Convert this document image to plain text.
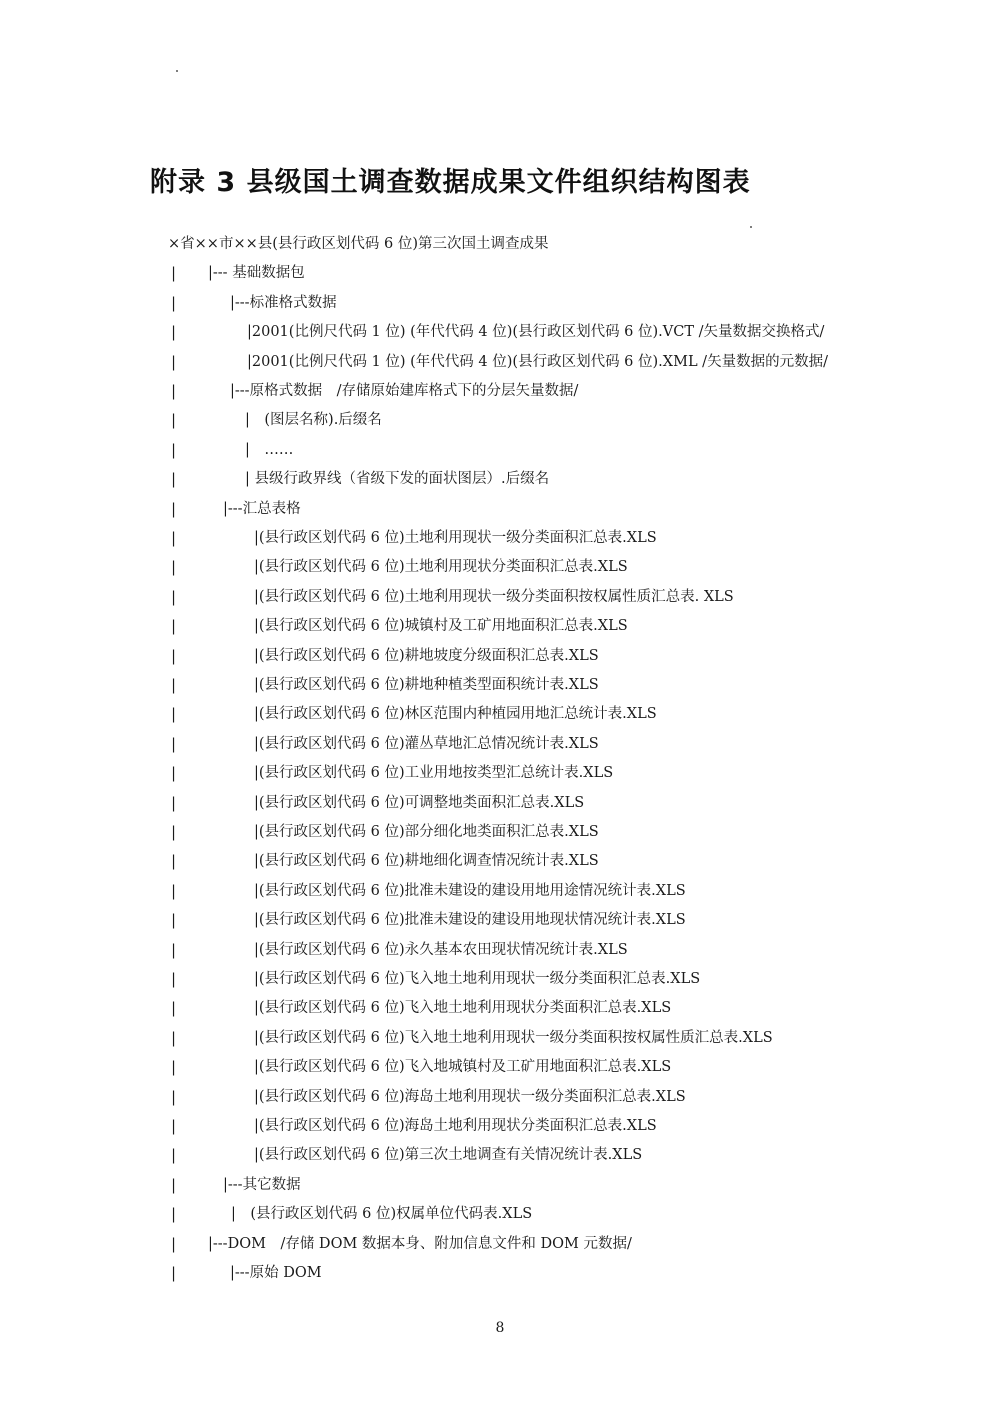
附录 3 县级国土调查数据成果文件组织结构图表
×省××市××县(县行政区划代码 6 位)第三次国土调查成果
| |--- 基础数据包
|	|---标准格式数据
|	|2001(比例尺代码 1 位) (年代代码 4 位)(县行政区划代码 6 位).VCT /矢量数据交换格式/
|	|2001(比例尺代码 1 位) (年代代码 4 位)(县行政区划代码 6 位).XML /矢量数据的元数据/
|	|---原格式数据　/存储原始建库格式下的分层矢量数据/
|	|　(图层名称).后缀名
|	|　……
|	| 县级行政界线（省级下发的面状图层）.后缀名
|	|---汇总表格
|	|(县行政区划代码 6 位)土地利用现状一级分类面积汇总表.XLS
|	|(县行政区划代码 6 位)土地利用现状分类面积汇总表.XLS
|	|(县行政区划代码 6 位)土地利用现状一级分类面积按权属性质汇总表. XLS
|	|(县行政区划代码 6 位)城镇村及工矿用地面积汇总表.XLS
|	|(县行政区划代码 6 位)耕地坡度分级面积汇总表.XLS
|	|(县行政区划代码 6 位)耕地种植类型面积统计表.XLS
|	|(县行政区划代码 6 位)林区范围内种植园用地汇总统计表.XLS
|	|(县行政区划代码 6 位)灌丛草地汇总情况统计表.XLS
|	|(县行政区划代码 6 位)工业用地按类型汇总统计表.XLS
|	|(县行政区划代码 6 位)可调整地类面积汇总表.XLS
|	|(县行政区划代码 6 位)部分细化地类面积汇总表.XLS
|	|(县行政区划代码 6 位)耕地细化调查情况统计表.XLS
|	|(县行政区划代码 6 位)批准未建设的建设用地用途情况统计表.XLS
|	|(县行政区划代码 6 位)批准未建设的建设用地现状情况统计表.XLS
|	|(县行政区划代码 6 位)永久基本农田现状情况统计表.XLS
|	|(县行政区划代码 6 位)飞入地土地利用现状一级分类面积汇总表.XLS
|	|(县行政区划代码 6 位)飞入地土地利用现状分类面积汇总表.XLS
|	|(县行政区划代码 6 位)飞入地土地利用现状一级分类面积按权属性质汇总表.XLS
|	|(县行政区划代码 6 位)飞入地城镇村及工矿用地面积汇总表.XLS
|	|(县行政区划代码 6 位)海岛土地利用现状一级分类面积汇总表.XLS
|	|(县行政区划代码 6 位)海岛土地利用现状分类面积汇总表.XLS
|	|(县行政区划代码 6 位)第三次土地调查有关情况统计表.XLS
|	|---其它数据
|	|　(县行政区划代码 6 位)权属单位代码表.XLS
| |---DOM　/存储 DOM 数据本身、附加信息文件和 DOM 元数据/
|	|---原始 DOM
8
